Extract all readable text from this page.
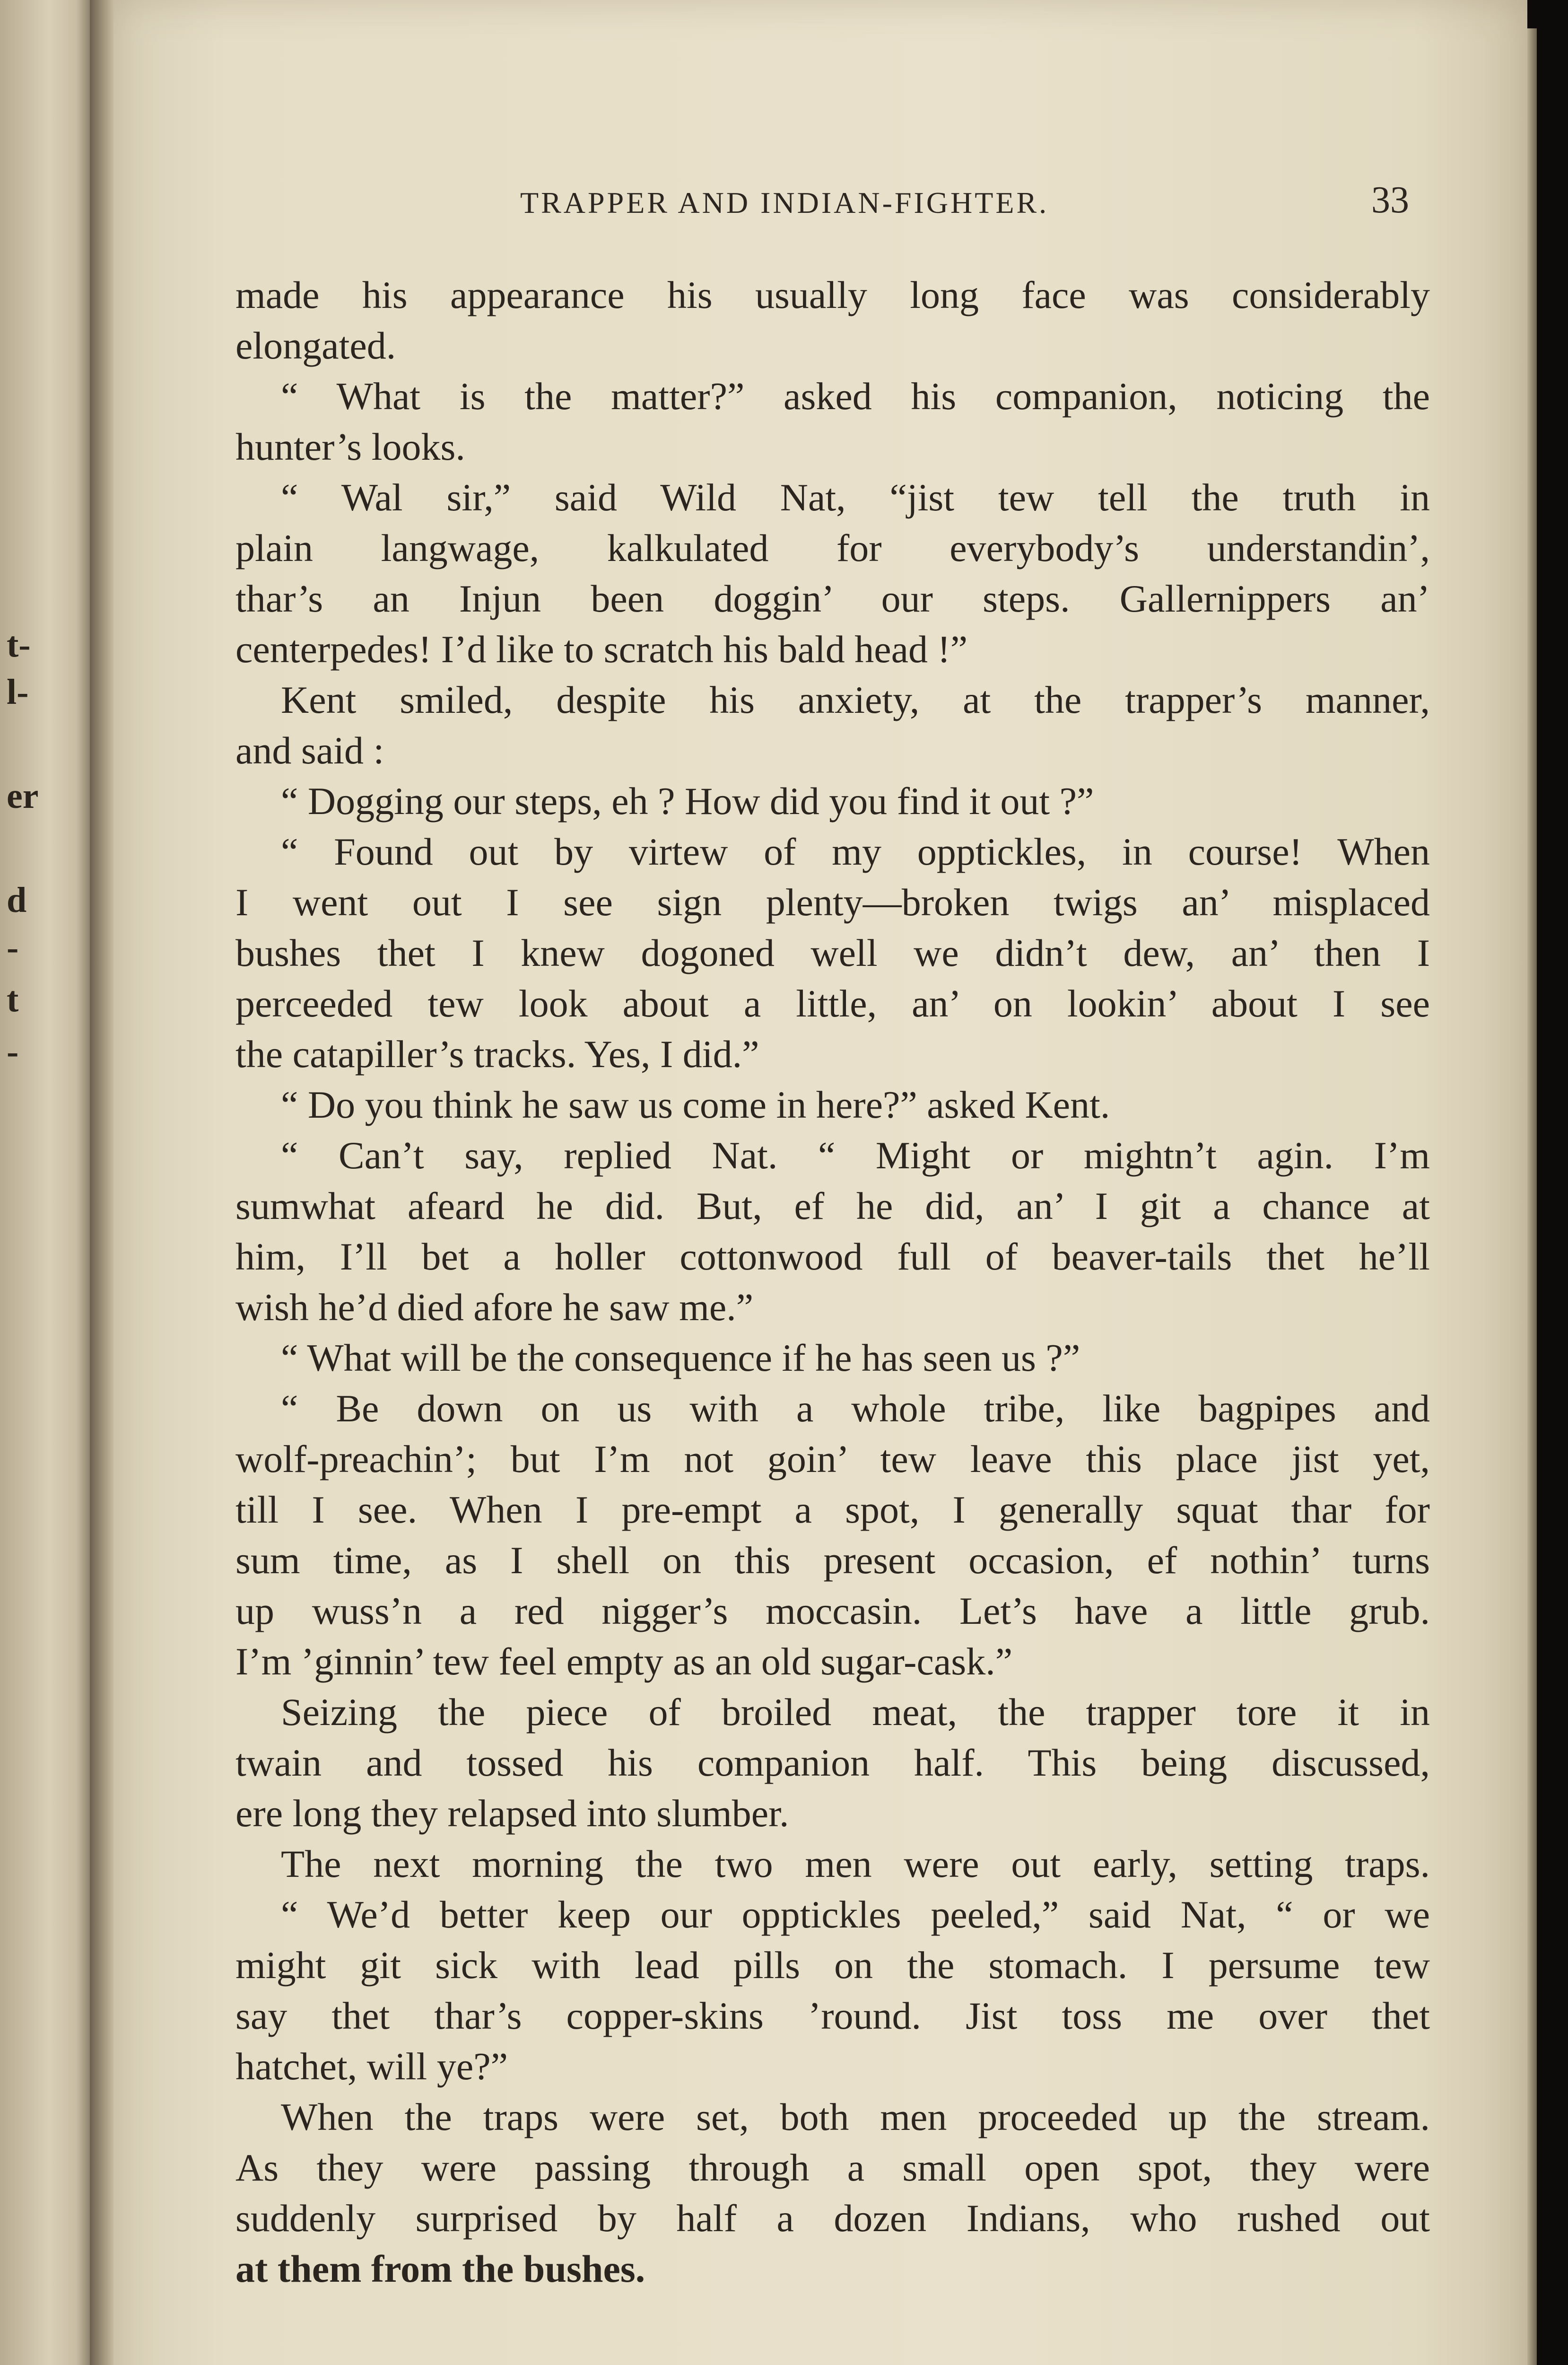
t-
l-
er
d
-
t
-
TRAPPER AND INDIAN-FIGHTER.	33
made his appearance his usually long face was considerably
elongated.
“ What is the matter?” asked his companion, noticing the
hunter’s looks.
“ Wal sir,” said Wild Nat, “jist tew tell the truth in
plain langwage, kalkulated for everybody’s understandin’,
thar’s an Injun been doggin’ our steps. Gallernippers an’
centerpedes! I’d like to scratch his bald head !”
Kent smiled, despite his anxiety, at the trapper’s manner,
and said :
“ Dogging our steps, eh ? How did you find it out ?”
“ Found out by virtew of my opptickles, in course! When
I went out I see sign plenty—broken twigs an’ misplaced
bushes thet I knew dogoned well we didn’t dew, an’ then I
perceeded tew look about a little, an’ on lookin’ about I see
the catapiller’s tracks. Yes, I did.”
“ Do you think he saw us come in here?” asked Kent.
“ Can’t say, replied Nat. “ Might or mightn’t agin. I’m
sumwhat afeard he did. But, ef he did, an’ I git a chance at
him, I’ll bet a holler cottonwood full of beaver-tails thet he’ll
wish he’d died afore he saw me.”
“ What will be the consequence if he has seen us ?”
“ Be down on us with a whole tribe, like bagpipes and
wolf-preachin’; but I’m not goin’ tew leave this place jist yet,
till I see. When I pre-empt a spot, I generally squat thar for
sum time, as I shell on this present occasion, ef nothin’ turns
up wuss’n a red nigger’s moccasin. Let’s have a little grub.
I’m ’ginnin’ tew feel empty as an old sugar-cask.”
Seizing the piece of broiled meat, the trapper tore it in
twain and tossed his companion half. This being discussed,
ere long they relapsed into slumber.
The next morning the two men were out early, setting traps.
“ We’d better keep our opptickles peeled,” said Nat, “ or we
might git sick with lead pills on the stomach. I persume tew
say thet thar’s copper-skins ’round. Jist toss me over thet
hatchet, will ye?”
When the traps were set, both men proceeded up the stream.
As they were passing through a small open spot, they were
suddenly surprised by half a dozen Indians, who rushed out
at them from the bushes.
